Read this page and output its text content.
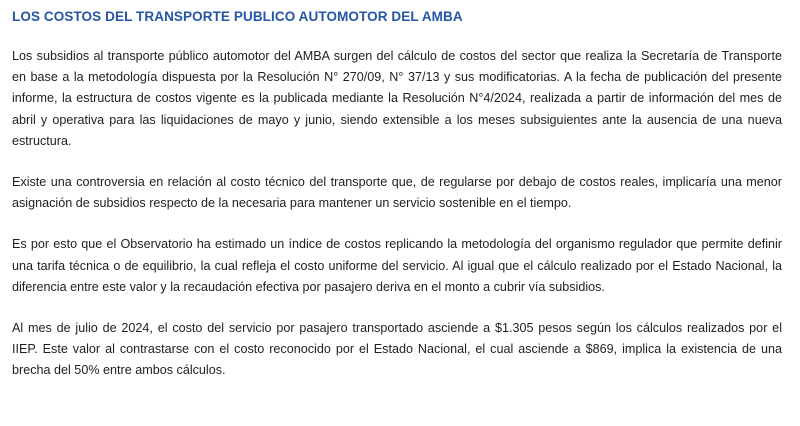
LOS COSTOS DEL TRANSPORTE PUBLICO AUTOMOTOR DEL AMBA

Los subsidios al transporte público automotor del AMBA surgen del cálculo de costos del sector que realiza la Secretaría de Transporte en base a la metodología dispuesta por la Resolución N° 270/09, N° 37/13 y sus modificatorias. A la fecha de publicación del presente informe, la estructura de costos vigente es la publicada mediante la Resolución N°4/2024, realizada a partir de información del mes de abril y operativa para las liquidaciones de mayo y junio, siendo extensible a los meses subsiguientes ante la ausencia de una nueva estructura.

Existe una controversia en relación al costo técnico del transporte que, de regularse por debajo de costos reales, implicaría una menor asignación de subsidios respecto de la necesaria para mantener un servicio sostenible en el tiempo.

Es por esto que el Observatorio ha estimado un índice de costos replicando la metodología del organismo regulador que permite definir una tarifa técnica o de equilibrio, la cual refleja el costo uniforme del servicio. Al igual que el cálculo realizado por el Estado Nacional, la diferencia entre este valor y la recaudación efectiva por pasajero deriva en el monto a cubrir vía subsidios.

Al mes de julio de 2024, el costo del servicio por pasajero transportado asciende a $1.305 pesos según los cálculos realizados por el IIEP. Este valor al contrastarse con el costo reconocido por el Estado Nacional, el cual asciende a $869, implica la existencia de una brecha del 50% entre ambos cálculos.
